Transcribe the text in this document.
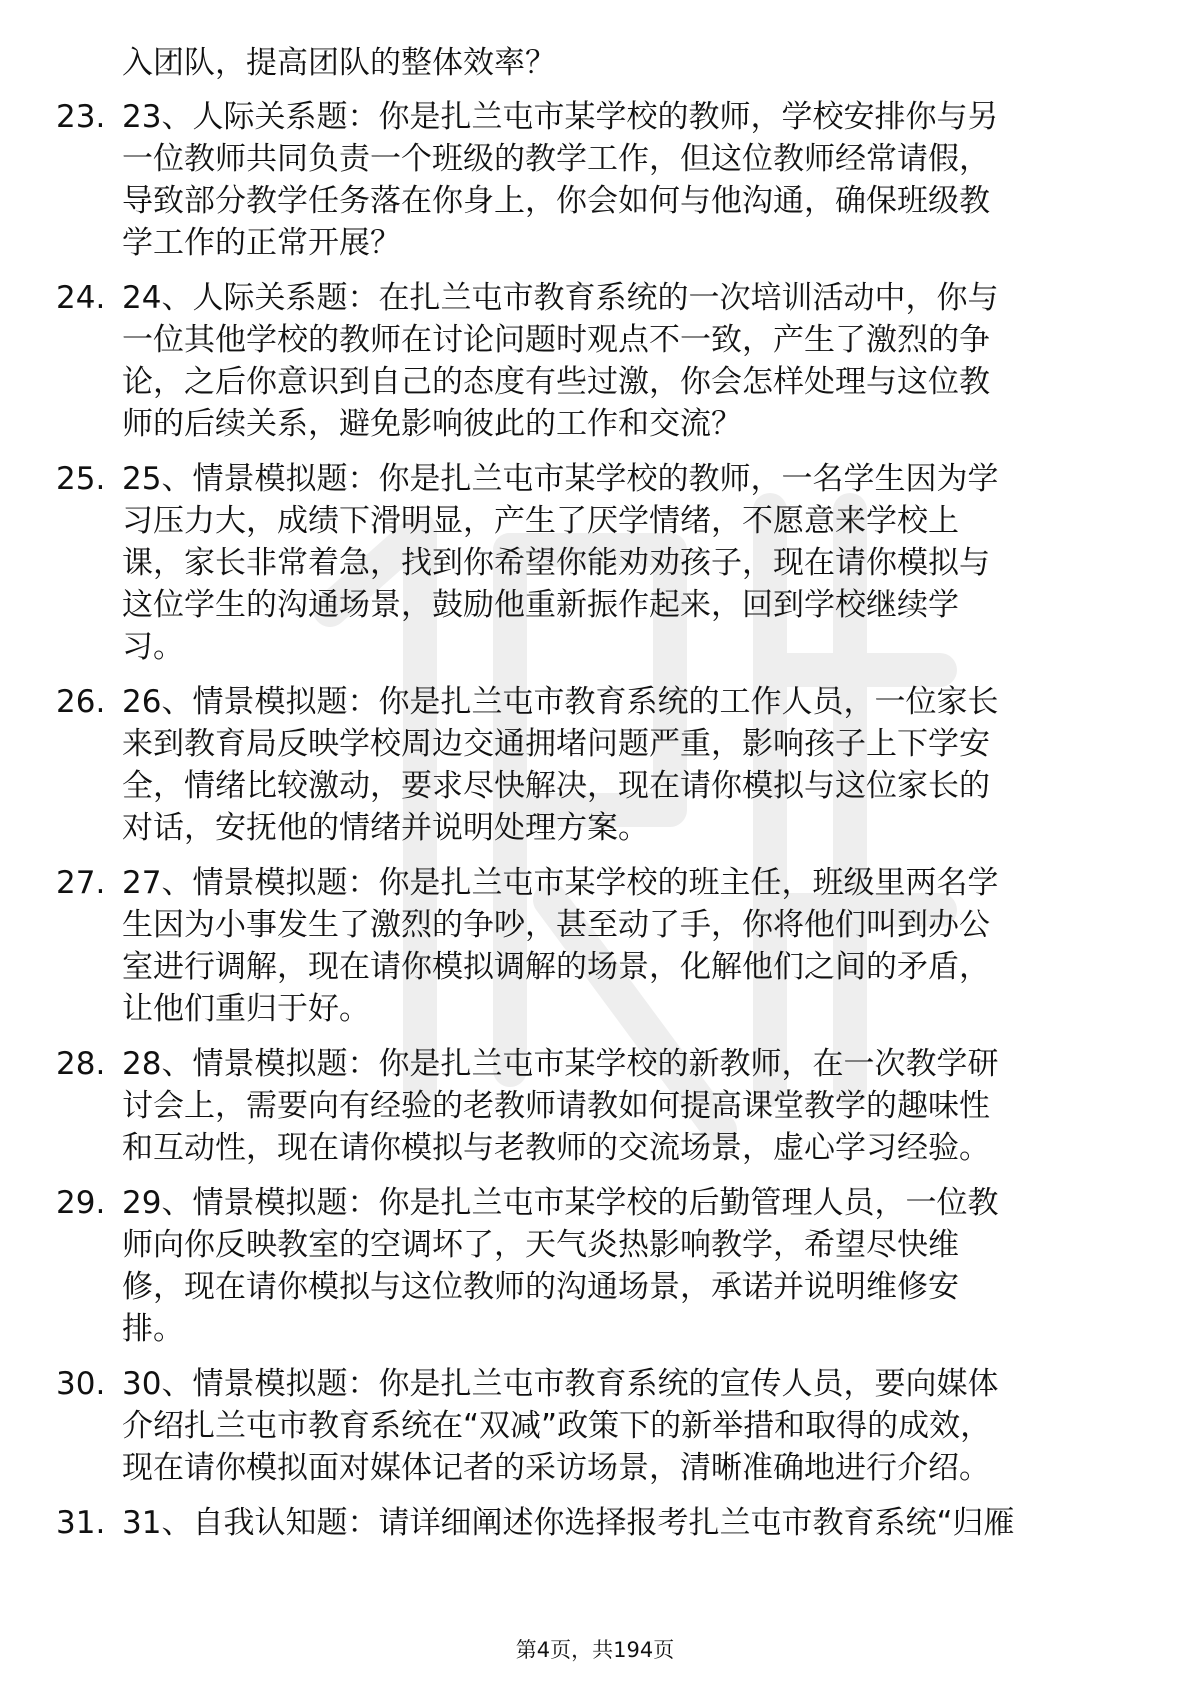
入团队，提高团队的整体效率？
23. 23、人际关系题：你是扎兰屯市某学校的教师，学校安排你与另
一位教师共同负责一个班级的教学工作，但这位教师经常请假，
导致部分教学任务落在你身上，你会如何与他沟通，确保班级教
学工作的正常开展？
24. 24、人际关系题：在扎兰屯市教育系统的一次培训活动中，你与
一位其他学校的教师在讨论问题时观点不一致，产生了激烈的争
论，之后你意识到自己的态度有些过激，你会怎样处理与这位教
师的后续关系，避免影响彼此的工作和交流？
25. 25、情景模拟题：你是扎兰屯市某学校的教师，一名学生因为学
习压力大，成绩下滑明显，产生了厌学情绪，不愿意来学校上
课，家长非常着急，找到你希望你能劝劝孩子，现在请你模拟与
这位学生的沟通场景，鼓励他重新振作起来，回到学校继续学
习。
26. 26、情景模拟题：你是扎兰屯市教育系统的工作人员，一位家长
来到教育局反映学校周边交通拥堵问题严重，影响孩子上下学安
全，情绪比较激动，要求尽快解决，现在请你模拟与这位家长的
对话，安抚他的情绪并说明处理方案。
27. 27、情景模拟题：你是扎兰屯市某学校的班主任，班级里两名学
生因为小事发生了激烈的争吵，甚至动了手，你将他们叫到办公
室进行调解，现在请你模拟调解的场景，化解他们之间的矛盾，
让他们重归于好。
28. 28、情景模拟题：你是扎兰屯市某学校的新教师，在一次教学研
讨会上，需要向有经验的老教师请教如何提高课堂教学的趣味性
和互动性，现在请你模拟与老教师的交流场景，虚心学习经验。
29. 29、情景模拟题：你是扎兰屯市某学校的后勤管理人员，一位教
师向你反映教室的空调坏了，天气炎热影响教学，希望尽快维
修，现在请你模拟与这位教师的沟通场景，承诺并说明维修安
排。
30. 30、情景模拟题：你是扎兰屯市教育系统的宣传人员，要向媒体
介绍扎兰屯市教育系统在“双减”政策下的新举措和取得的成效，
现在请你模拟面对媒体记者的采访场景，清晰准确地进行介绍。
31. 31、自我认知题：请详细阐述你选择报考扎兰屯市教育系统“归雁
第4页，共194页
